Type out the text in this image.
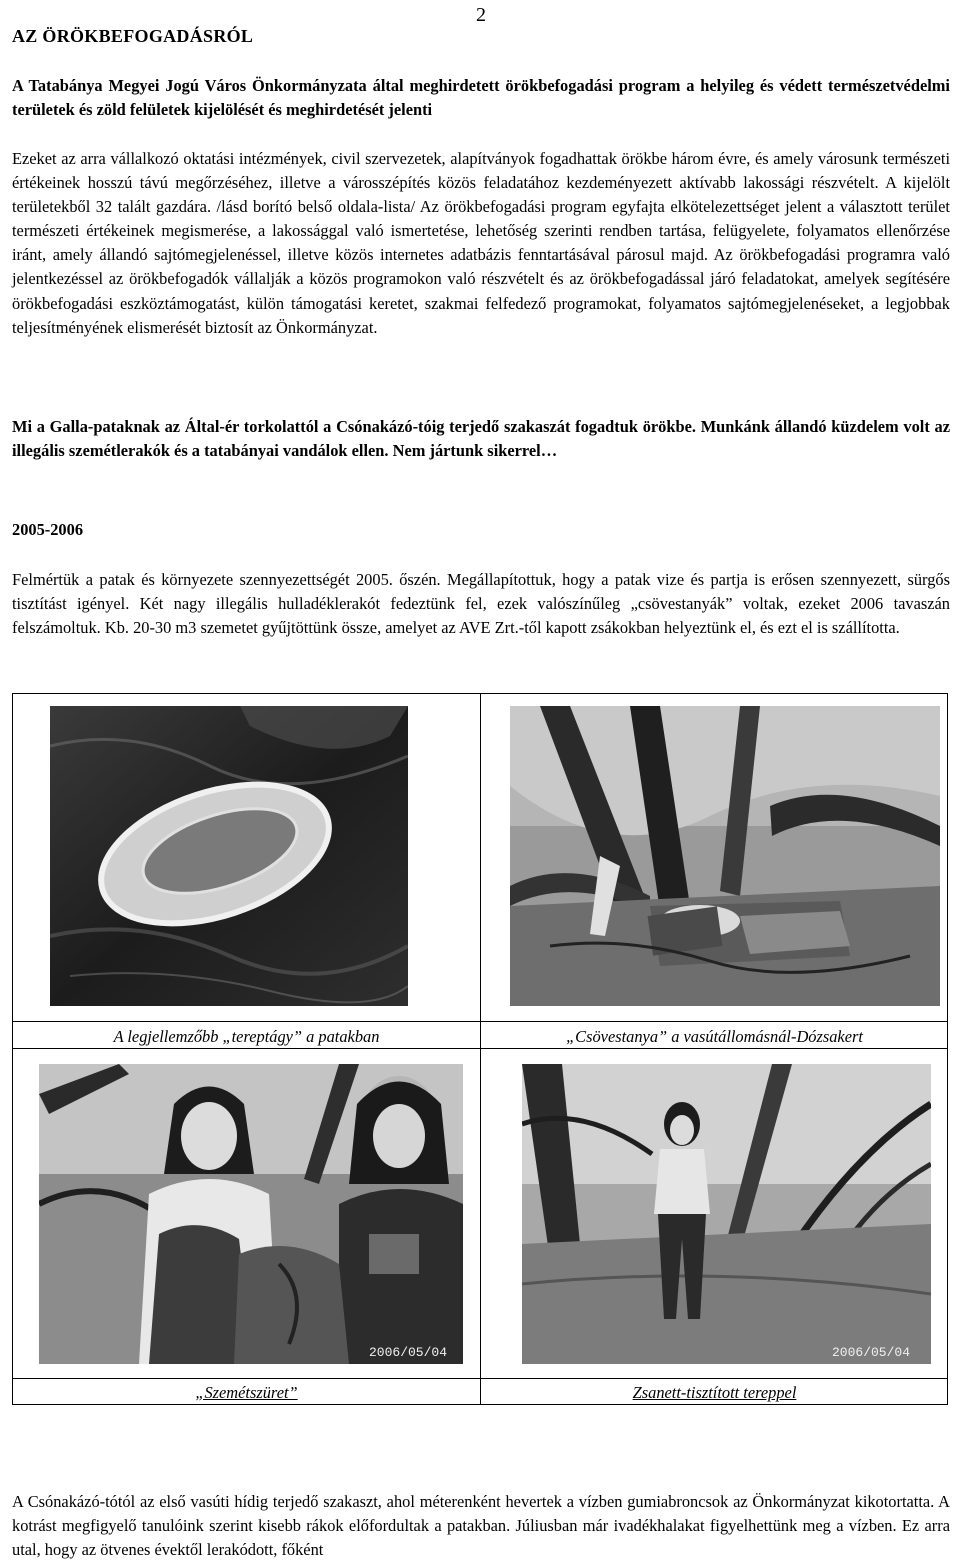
AZ ÖRÖKBEFOGADÁSRÓL
2

A Tatabánya Megyei Jogú Város Önkormányzata által meghirdetett örökbefogadási program a helyileg és védett természetvédelmi területek és zöld felületek kijelölését és meghirdetését jelenti

Ezeket az arra vállalkozó oktatási intézmények, civil szervezetek, alapítványok fogadhattak örökbe három évre, és amely városunk természeti értékeinek hosszú távú megőrzéséhez, illetve a városszépítés közös feladatához kezdeményezett aktívabb lakossági részvételt. A kijelölt területekből 32 talált gazdára. /lásd borító belső oldala-lista/ Az örökbefogadási program egyfajta elkötelezettséget jelent a választott terület természeti értékeinek megismerése, a lakossággal való ismertetése, lehetőség szerinti rendben tartása, felügyelete, folyamatos ellenőrzése iránt, amely állandó sajtómegjelenéssel, illetve közös internetes adatbázis fenntartásával párosul majd. Az örökbefogadási programra való jelentkezéssel az örökbefogadók vállalják a közös programokon való részvételt és az örökbefogadással járó feladatokat, amelyek segítésére örökbefogadási eszköztámogatást, külön támogatási keretet, szakmai felfedező programokat, folyamatos sajtómegjelenéseket, a legjobbak teljesítményének elismerését biztosít az Önkormányzat.

Mi a Galla-pataknak az Által-ér torkolattól a Csónakázó-tóig terjedő szakaszát fogadtuk örökbe. Munkánk állandó küzdelem volt az illegális szemétlerakók és a tatabányai vandálok ellen. Nem jártunk sikerrel…

2005-2006

Felmértük a patak és környezete szennyezettségét 2005. őszén. Megállapítottuk, hogy a patak vize és partja is erősen szennyezett, sürgős tisztítást igényel. Két nagy illegális hulladéklerakót fedeztünk fel, ezek valószínűleg „csövestanyák” voltak, ezeket 2006 tavaszán felszámoltuk. Kb. 20-30 m3 szemetet gyűjtöttünk össze, amelyet az AVE Zrt.-től kapott zsákokban helyeztünk el, és ezt el is szállította.

A legjellemzőbb „tereptágy” a patakban	„Csövestanya” a vasútállomásnál-Dózsakert
2006/05/04	2006/05/04
„Szemétszüret”	Zsanett-tisztított tereppel

A Csónakázó-tótól az első vasúti hídig terjedő szakaszt, ahol méterenként hevertek a vízben gumiabroncsok az Önkormányzat kikotortatta. A kotrást megfigyelő tanulóink szerint kisebb rákok előfordultak a patakban. Júliusban már ivadékhalakat figyelhettünk meg a vízben. Ez arra utal, hogy az ötvenes évektől lerakódott, főként
